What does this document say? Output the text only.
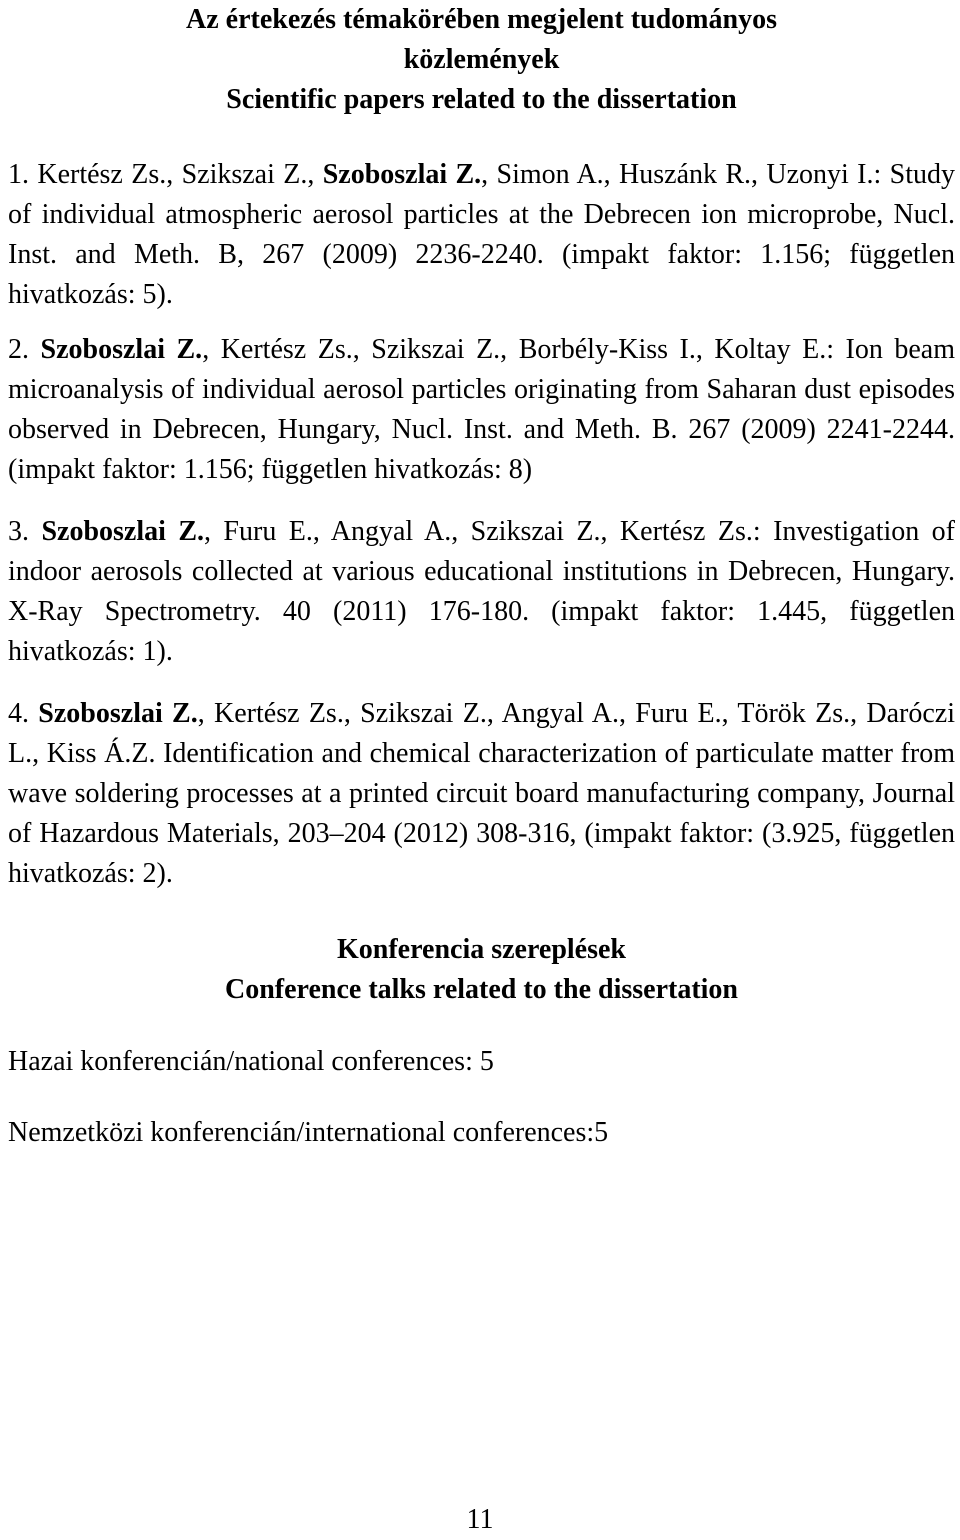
Az értekezés témakörében megjelent tudományos

közlemények

Scientific papers related to the dissertation

1. Kertész Zs., Szikszai Z., Szoboszlai Z., Simon A., Huszánk R., Uzonyi I.: Study of individual atmospheric aerosol particles at the Debrecen ion microprobe, Nucl. Inst. and Meth. B, 267 (2009) 2236-2240. (impakt faktor: 1.156; független hivatkozás: 5).

2. Szoboszlai Z., Kertész Zs., Szikszai Z., Borbély-Kiss I., Koltay E.: Ion beam microanalysis of individual aerosol particles originating from Saharan dust episodes observed in Debrecen, Hungary, Nucl. Inst. and Meth. B. 267 (2009) 2241-2244. (impakt faktor: 1.156; független hivatkozás: 8)

3. Szoboszlai Z., Furu E., Angyal A., Szikszai Z., Kertész Zs.: Investigation of indoor aerosols collected at various educational institutions in Debrecen, Hungary. X-Ray Spectrometry. 40 (2011) 176-180. (impakt faktor: 1.445, független hivatkozás: 1).

4. Szoboszlai Z., Kertész Zs., Szikszai Z., Angyal A., Furu E., Török Zs., Daróczi L., Kiss Á.Z. Identification and chemical characterization of particulate matter from wave soldering processes at a printed circuit board manufacturing company, Journal of Hazardous Materials, 203–204 (2012) 308-316, (impakt faktor: (3.925, független hivatkozás: 2).

Konferencia szereplések

Conference talks related to the dissertation

Hazai konferencián/national conferences: 5

Nemzetközi konferencián/international conferences:5

11
